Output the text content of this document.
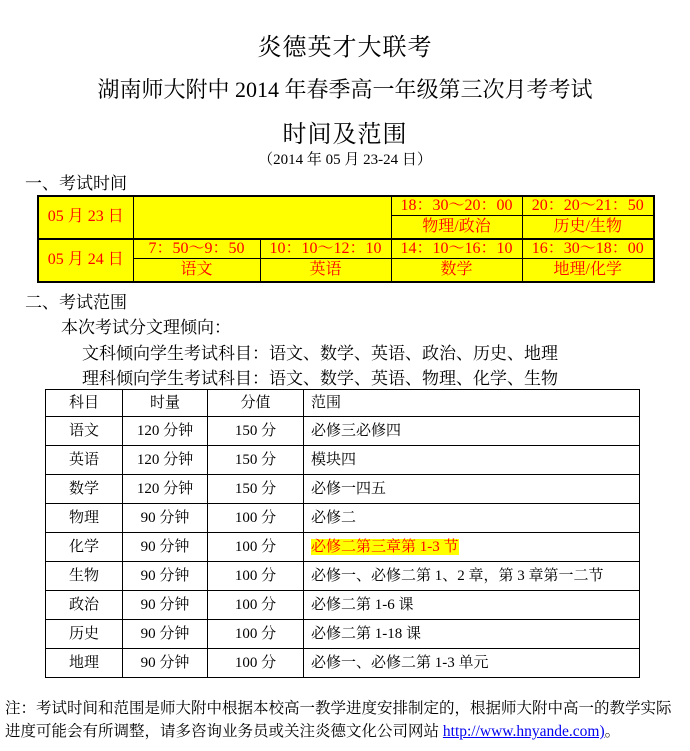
炎德英才大联考
湖南师大附中 2014 年春季高一年级第三次月考考试
时间及范围
（2014 年 05 月 23-24 日）
一、考试时间
05 月 23 日			18：30～20：00	20：20～21：50
			物理/政治	历史/生物
05 月 24 日	7：50～9：50	10：10～12：10	14：10～16：10	16：30～18：00
	语文	英语	数学	地理/化学
二、考试范围
本次考试分文理倾向：
文科倾向学生考试科目：语文、数学、英语、政治、历史、地理
理科倾向学生考试科目：语文、数学、英语、物理、化学、生物
科目	时量	分值	范围
语文	120 分钟	150 分	必修三必修四
英语	120 分钟	150 分	模块四
数学	120 分钟	150 分	必修一四五
物理	90 分钟	100 分	必修二
化学	90 分钟	100 分	必修二第三章第 1-3 节
生物	90 分钟	100 分	必修一、必修二第 1、2 章，第 3 章第一二节
政治	90 分钟	100 分	必修二第 1-6 课
历史	90 分钟	100 分	必修二第 1-18 课
地理	90 分钟	100 分	必修一、必修二第 1-3 单元
注：考试时间和范围是师大附中根据本校高一教学进度安排制定的，根据师大附中高一的教学实际进度可能会有所调整，请多咨询业务员或关注炎德文化公司网站 http://www.hnyande.com)。
